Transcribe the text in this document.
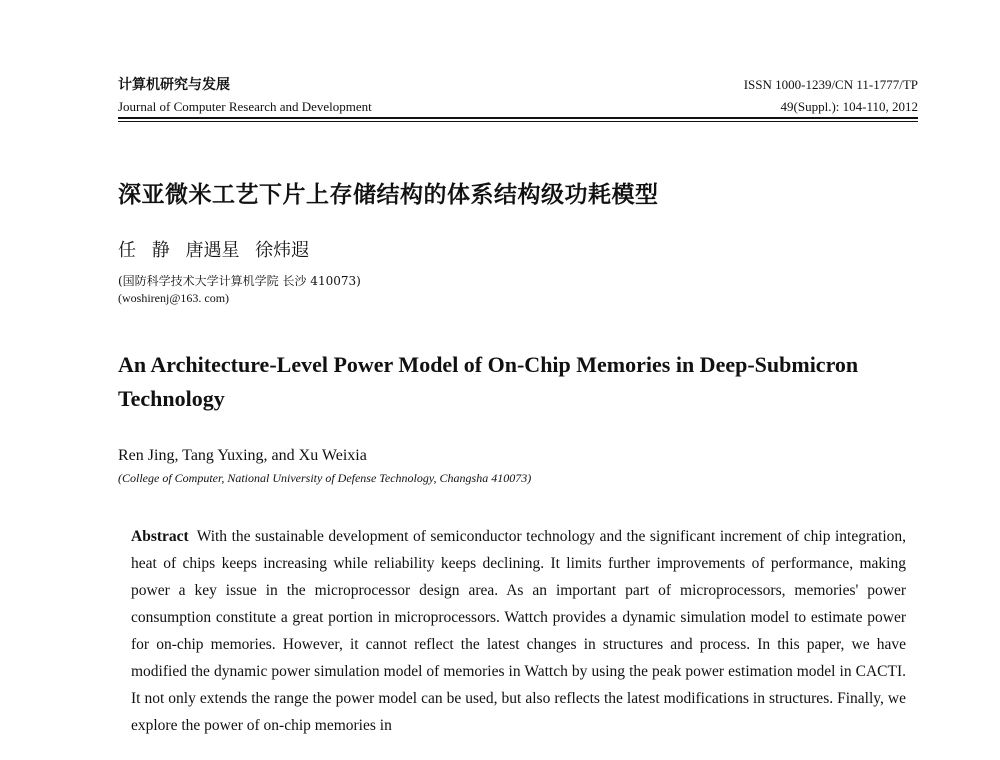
计算机研究与发展
Journal of Computer Research and Development
ISSN 1000-1239/CN 11-1777/TP
49(Suppl.): 104-110, 2012
深亚微米工艺下片上存储结构的体系结构级功耗模型
任 静 唐遇星 徐炜遐
(国防科学技术大学计算机学院 长沙 410073)
(woshirenj@163. com)
An Architecture-Level Power Model of On-Chip Memories in Deep-Submicron Technology
Ren Jing, Tang Yuxing, and Xu Weixia
(College of Computer, National University of Defense Technology, Changsha 410073)
Abstract With the sustainable development of semiconductor technology and the significant increment of chip integration, heat of chips keeps increasing while reliability keeps declining. It limits further improvements of performance, making power a key issue in the microprocessor design area. As an important part of microprocessors, memories' power consumption constitute a great portion in microprocessors. Wattch provides a dynamic simulation model to estimate power for on-chip memories. However, it cannot reflect the latest changes in structures and process. In this paper, we have modified the dynamic power simulation model of memories in Wattch by using the peak power estimation model in CACTI. It not only extends the range the power model can be used, but also reflects the latest modifications in structures. Finally, we explore the power of on-chip memories in
